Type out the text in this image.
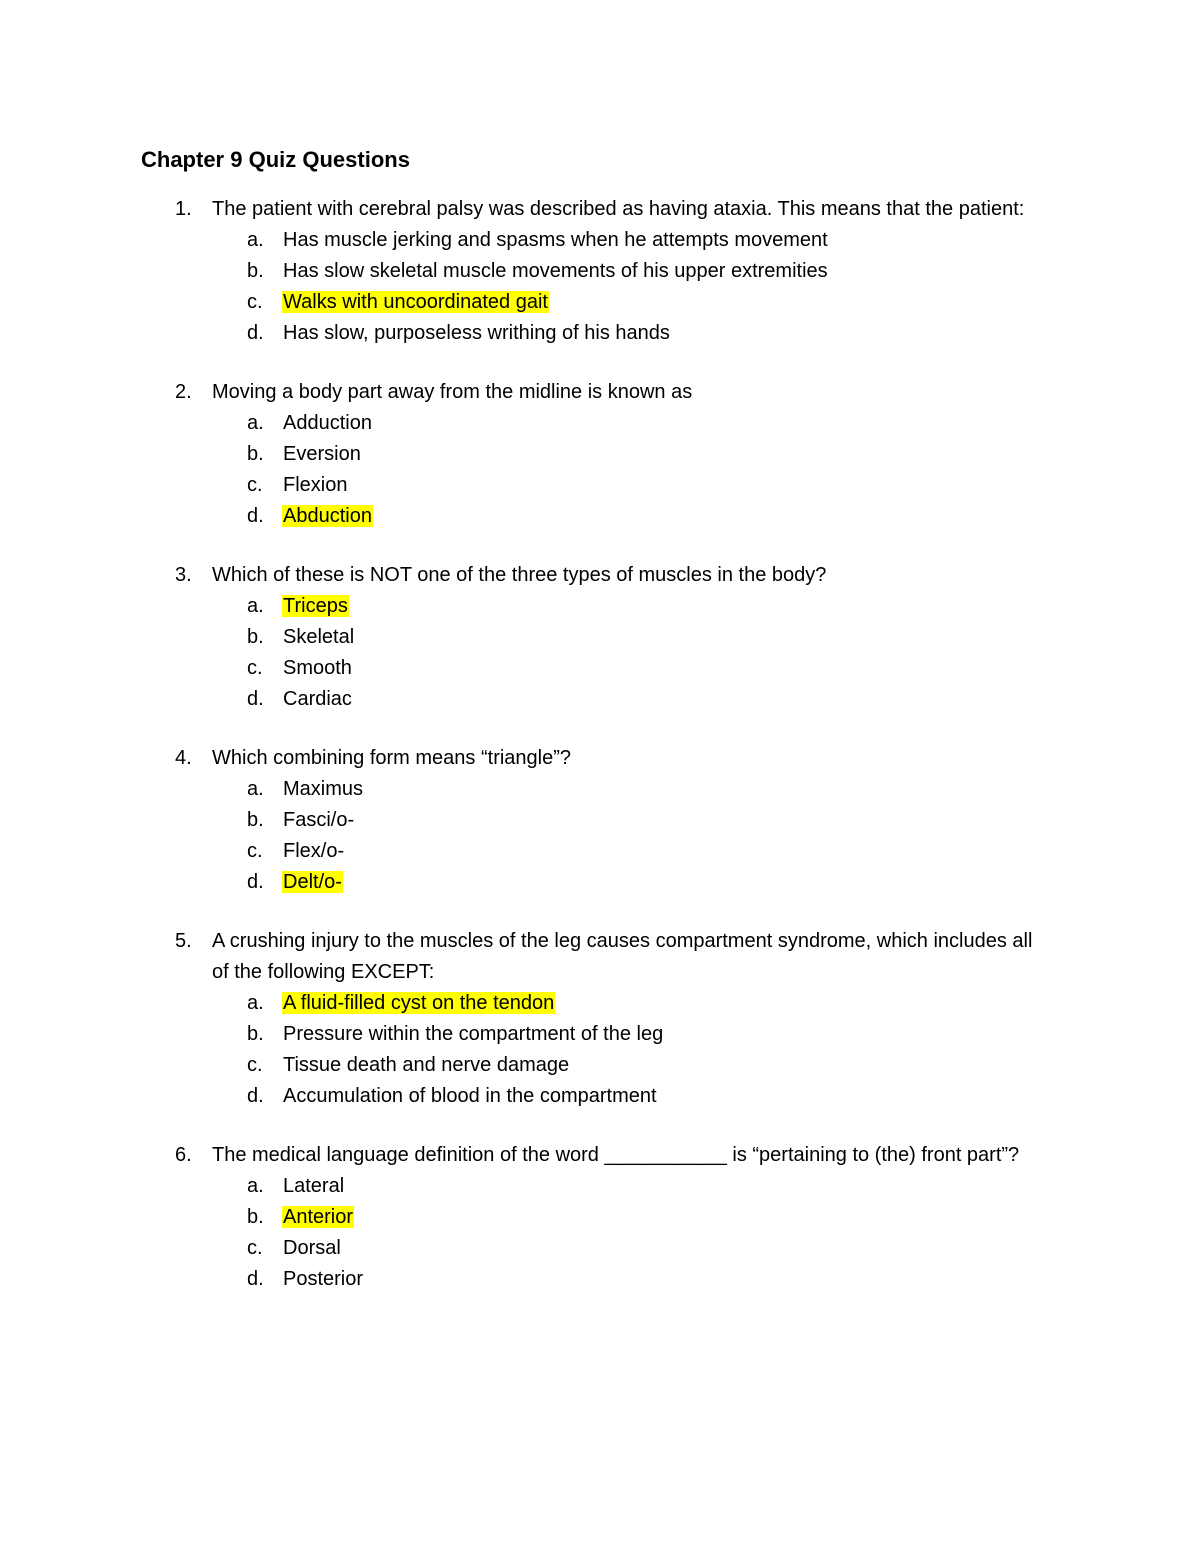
Chapter 9 Quiz Questions
1. The patient with cerebral palsy was described as having ataxia. This means that the patient:
a. Has muscle jerking and spasms when he attempts movement
b. Has slow skeletal muscle movements of his upper extremities
c. Walks with uncoordinated gait
d. Has slow, purposeless writhing of his hands
2. Moving a body part away from the midline is known as
a. Adduction
b. Eversion
c. Flexion
d. Abduction
3. Which of these is NOT one of the three types of muscles in the body?
a. Triceps
b. Skeletal
c. Smooth
d. Cardiac
4. Which combining form means “triangle”?
a. Maximus
b. Fasci/o-
c. Flex/o-
d. Delt/o-
5. A crushing injury to the muscles of the leg causes compartment syndrome, which includes all of the following EXCEPT:
a. A fluid-filled cyst on the tendon
b. Pressure within the compartment of the leg
c. Tissue death and nerve damage
d. Accumulation of blood in the compartment
6. The medical language definition of the word ___________ is “pertaining to (the) front part”?
a. Lateral
b. Anterior
c. Dorsal
d. Posterior
